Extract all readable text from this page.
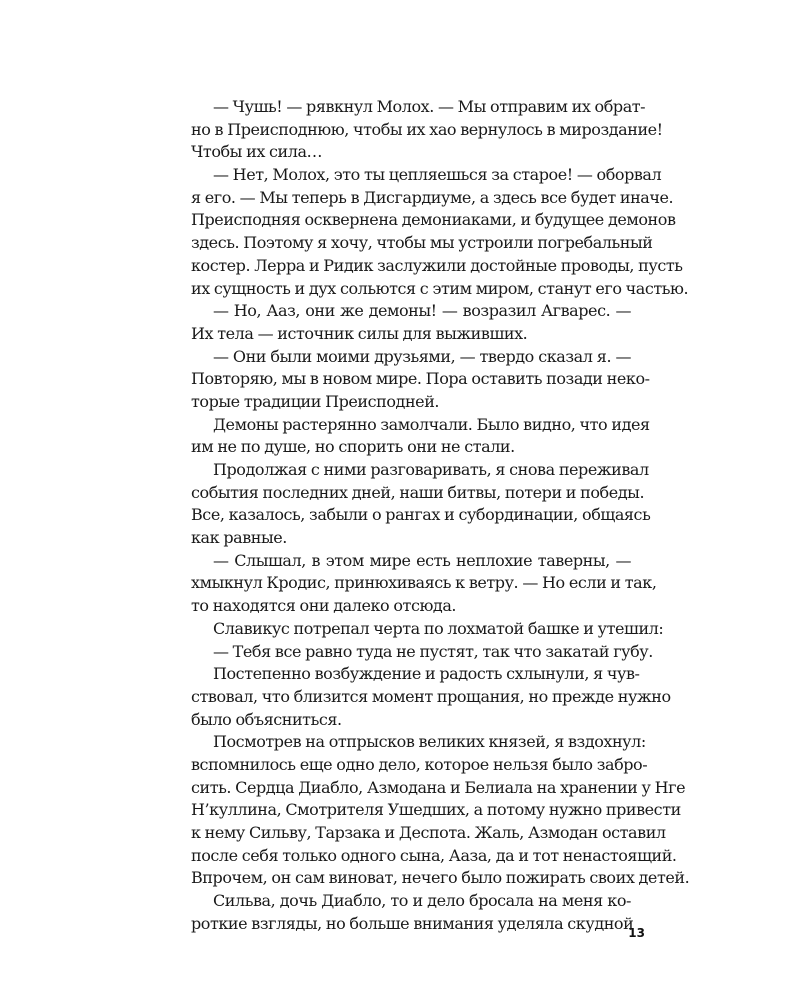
— Чушь! — рявкнул Молох. — Мы отправим их обрат-
но в Преисподнюю, чтобы их хао вернулось в мироздание!
Чтобы их сила…
— Нет, Молох, это ты цепляешься за старое! — оборвал
я его. — Мы теперь в Дисгардиуме, а здесь все будет иначе.
Преисподняя осквернена демониаками, и будущее демонов
здесь. Поэтому я хочу, чтобы мы устроили погребальный
костер. Лерра и Ридик заслужили достойные проводы, пусть
их сущность и дух сольются с этим миром, станут его частью.
— Но, Ааз, они же демоны! — возразил Агварес. —
Их тела — источник силы для выживших.
— Они были моими друзьями, — твердо сказал я. —
Повторяю, мы в новом мире. Пора оставить позади неко-
торые традиции Преисподней.
Демоны растерянно замолчали. Было видно, что идея
им не по душе, но спорить они не стали.
Продолжая с ними разговаривать, я снова переживал
события последних дней, наши битвы, потери и победы.
Все, казалось, забыли о рангах и субординации, общаясь
как равные.
— Слышал, в этом мире есть неплохие таверны, —
хмыкнул Кродис, принюхиваясь к ветру. — Но если и так,
то находятся они далеко отсюда.
Славикус потрепал черта по лохматой башке и утешил:
— Тебя все равно туда не пустят, так что закатай губу.
Постепенно возбуждение и радость схлынули, я чув-
ствовал, что близится момент прощания, но прежде нужно
было объясниться.
Посмотрев на отпрысков великих князей, я вздохнул:
вспомнилось еще одно дело, которое нельзя было забро-
сить. Сердца Диабло, Азмодана и Белиала на хранении у Нге
Н’куллина, Смотрителя Ушедших, а потому нужно привести
к нему Сильву, Тарзака и Деспота. Жаль, Азмодан оставил
после себя только одного сына, Ааза, да и тот ненастоящий.
Впрочем, он сам виноват, нечего было пожирать своих детей.
Сильва, дочь Диабло, то и дело бросала на меня ко-
роткие взгляды, но больше внимания уделяла скудной
13
